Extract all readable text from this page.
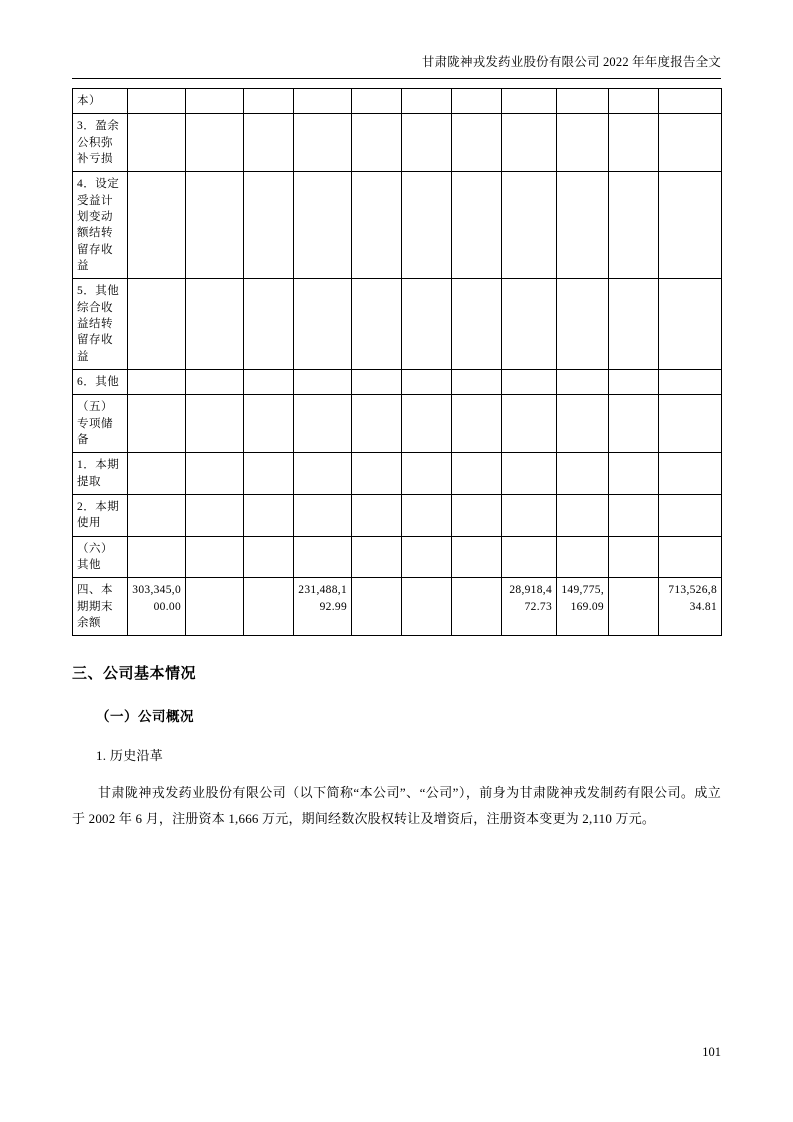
甘肃陇神戎发药业股份有限公司 2022 年年度报告全文
本）											
3．盈余公积弥补亏损											
4．设定受益计划变动额结转留存收益											
5．其他综合收益结转留存收益											
6．其他											
（五）专项储备											
1．本期提取											
2．本期使用											
（六）其他											
四、本期期末余额	303,345,000.00			231,488,192.99				28,918,472.73	149,775,169.09		713,526,834.81
三、公司基本情况
（一）公司概况
1. 历史沿革
甘肃陇神戎发药业股份有限公司（以下简称“本公司”、“公司”），前身为甘肃陇神戎发制药有限公司。成立于 2002 年 6 月，注册资本 1,666 万元，期间经数次股权转让及增资后，注册资本变更为 2,110 万元。
101
